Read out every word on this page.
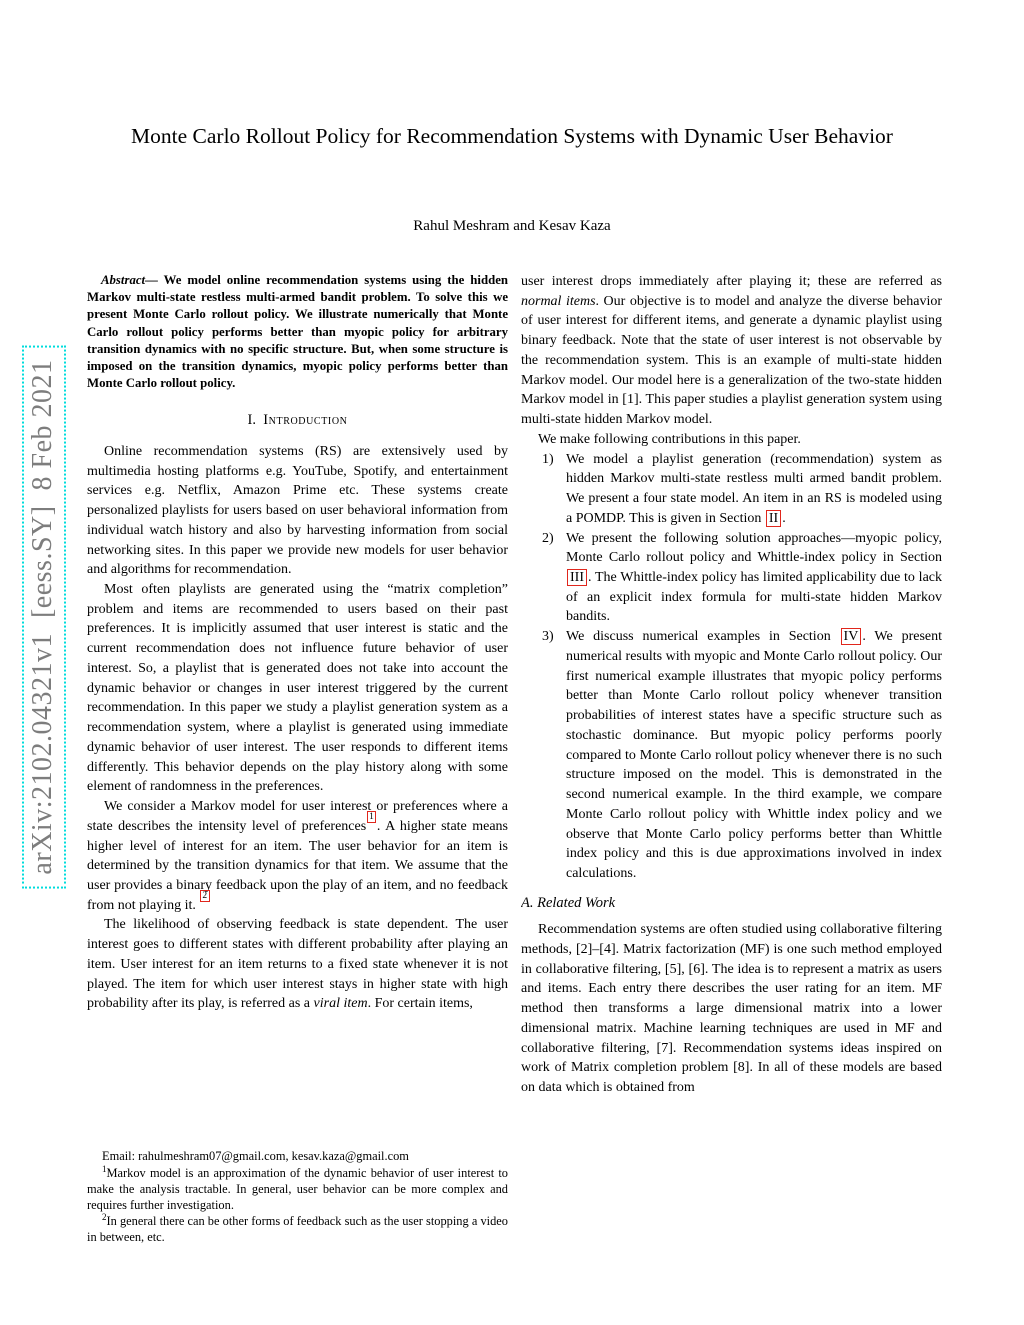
arXiv:2102.04321v1  [eess.SY]  8 Feb 2021
Monte Carlo Rollout Policy for Recommendation Systems with Dynamic User Behavior
Rahul Meshram and Kesav Kaza

Abstract— We model online recommendation systems using the hidden Markov multi-state restless multi-armed bandit problem. To solve this we present Monte Carlo rollout policy. We illustrate numerically that Monte Carlo rollout policy performs better than myopic policy for arbitrary transition dynamics with no specific structure. But, when some structure is imposed on the transition dynamics, myopic policy performs better than Monte Carlo rollout policy.

I. Introduction

Online recommendation systems (RS) are extensively used by multimedia hosting platforms e.g. YouTube, Spotify, and entertainment services e.g. Netflix, Amazon Prime etc. These systems create personalized playlists for users based on user behavioral information from individual watch history and also by harvesting information from social networking sites. In this paper we provide new models for user behavior and algorithms for recommendation.

Most often playlists are generated using the “matrix completion” problem and items are recommended to users based on their past preferences. It is implicitly assumed that user interest is static and the current recommendation does not influence future behavior of user interest. So, a playlist that is generated does not take into account the dynamic behavior or changes in user interest triggered by the current recommendation. In this paper we study a playlist generation system as a recommendation system, where a playlist is generated using immediate dynamic behavior of user interest. The user responds to different items differently. This behavior depends on the play history along with some element of randomness in the preferences.

We consider a Markov model for user interest or preferences where a state describes the intensity level of preferences$^1$. A higher state means higher level of interest for an item. The user behavior for an item is determined by the transition dynamics for that item. We assume that the user provides a binary feedback upon the play of an item, and no feedback from not playing it. $^2$

The likelihood of observing feedback is state dependent. The user interest goes to different states with different probability after playing an item. User interest for an item returns to a fixed state whenever it is not played. The item for which user interest stays in higher state with high probability after its play, is referred as a viral item. For certain items,

Email: rahulmeshram07@gmail.com, kesav.kaza@gmail.com

$^1$Markov model is an approximation of the dynamic behavior of user interest to make the analysis tractable. In general, user behavior can be more complex and requires further investigation.

$^2$In general there can be other forms of feedback such as the user stopping a video in between, etc.

user interest drops immediately after playing it; these are referred as normal items. Our objective is to model and analyze the diverse behavior of user interest for different items, and generate a dynamic playlist using binary feedback. Note that the state of user interest is not observable by the recommendation system. This is an example of multi-state hidden Markov model. Our model here is a generalization of the two-state hidden Markov model in [1]. This paper studies a playlist generation system using multi-state hidden Markov model.

We make following contributions in this paper.

1) We model a playlist generation (recommendation) system as hidden Markov multi-state restless multi armed bandit problem. We present a four state model. An item in an RS is modeled using a POMDP. This is given in Section II .
2) We present the following solution approaches—myopic policy, Monte Carlo rollout policy and Whittle-index policy in Section III . The Whittle-index policy has limited applicability due to lack of an explicit index formula for multi-state hidden Markov bandits.
3) We discuss numerical examples in Section IV . We present numerical results with myopic and Monte Carlo rollout policy. Our first numerical example illustrates that myopic policy performs better than Monte Carlo rollout policy whenever transition probabilities of interest states have a specific structure such as stochastic dominance. But myopic policy performs poorly compared to Monte Carlo rollout policy whenever there is no such structure imposed on the model. This is demonstrated in the second numerical example. In the third example, we compare Monte Carlo rollout policy with Whittle index policy and we observe that Monte Carlo policy performs better than Whittle index policy and this is due approximations involved in index calculations.
A. Related Work

Recommendation systems are often studied using collaborative filtering methods, [2]–[4]. Matrix factorization (MF) is one such method employed in collaborative filtering, [5], [6]. The idea is to represent a matrix as users and items. Each entry there describes the user rating for an item. MF method then transforms a large dimensional matrix into a lower dimensional matrix. Machine learning techniques are used in MF and collaborative filtering, [7]. Recommendation systems ideas inspired on work of Matrix completion problem [8]. In all of these models are based on data which is obtained from
